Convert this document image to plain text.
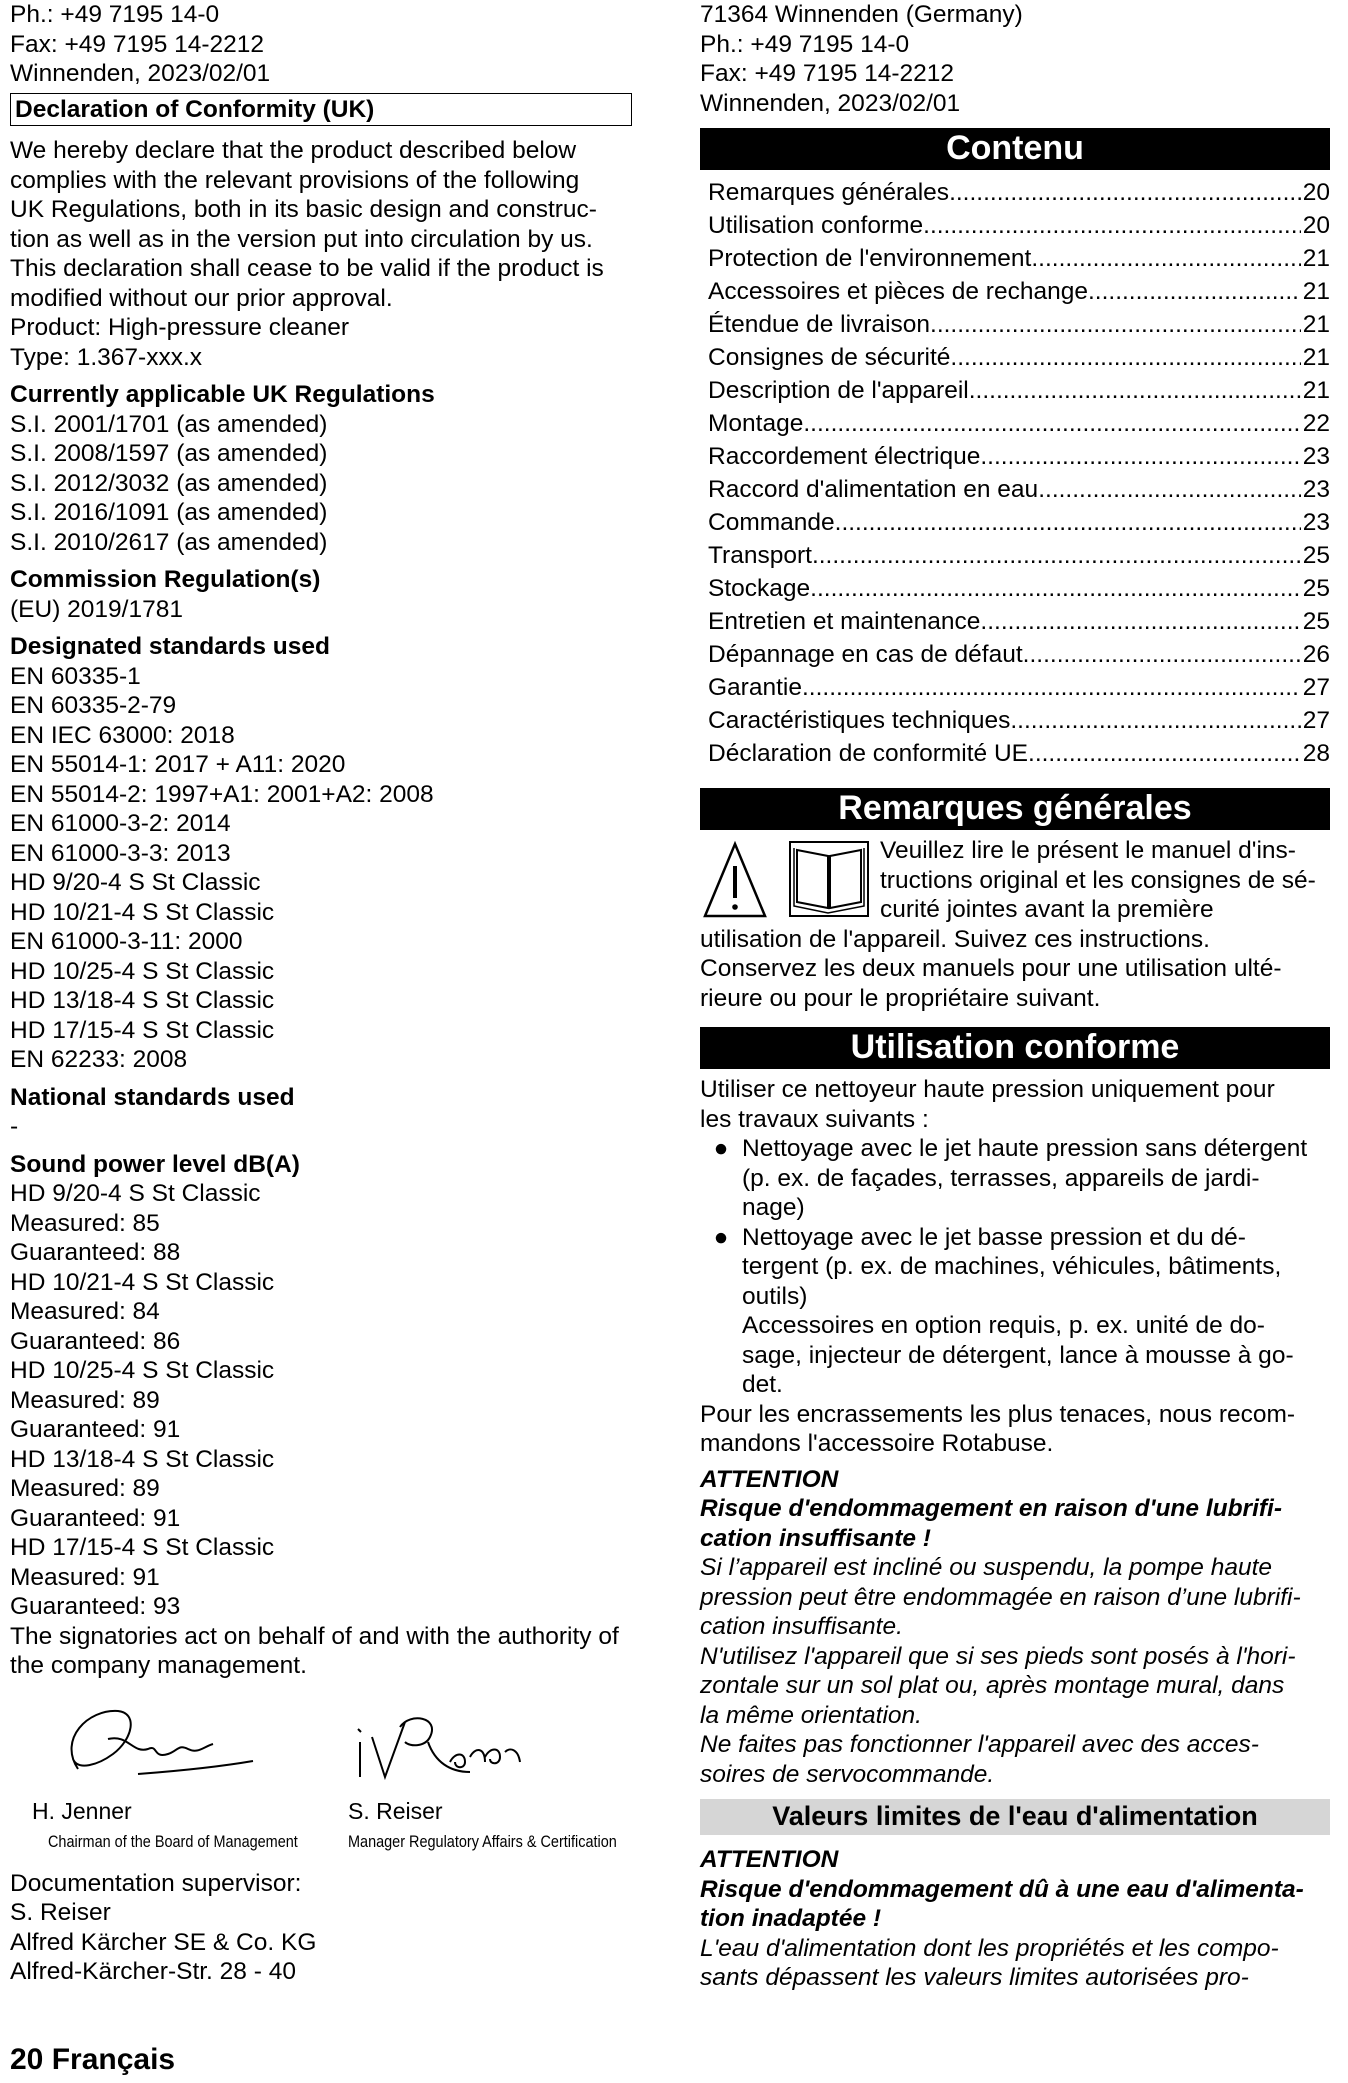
Ph.: +49 7195 14-0
Fax: +49 7195 14-2212
Winnenden, 2023/02/01
Declaration of Conformity (UK)
We hereby declare that the product described below
complies with the relevant provisions of the following
UK Regulations, both in its basic design and construc-
tion as well as in the version put into circulation by us.
This declaration shall cease to be valid if the product is
modified without our prior approval.
Product: High-pressure cleaner
Type: 1.367-xxx.x
Currently applicable UK Regulations
S.I. 2001/1701 (as amended)
S.I. 2008/1597 (as amended)
S.I. 2012/3032 (as amended)
S.I. 2016/1091 (as amended)
S.I. 2010/2617 (as amended)
Commission Regulation(s)
(EU) 2019/1781
Designated standards used
EN 60335-1
EN 60335-2-79
EN IEC 63000: 2018
EN 55014-1: 2017 + A11: 2020
EN 55014-2: 1997+A1: 2001+A2: 2008
EN 61000-3-2: 2014
EN 61000-3-3: 2013
HD 9/20-4 S St Classic
HD 10/21-4 S St Classic
EN 61000-3-11: 2000
HD 10/25-4 S St Classic
HD 13/18-4 S St Classic
HD 17/15-4 S St Classic
EN 62233: 2008
National standards used
-
Sound power level dB(A)
HD 9/20-4 S St Classic
Measured: 85
Guaranteed: 88
HD 10/21-4 S St Classic
Measured: 84
Guaranteed: 86
HD 10/25-4 S St Classic
Measured: 89
Guaranteed: 91
HD 13/18-4 S St Classic
Measured: 89
Guaranteed: 91
HD 17/15-4 S St Classic
Measured: 91
Guaranteed: 93
The signatories act on behalf of and with the authority of
the company management.
H. Jenner
Chairman of the Board of Management
S. Reiser
Manager Regulatory Affairs & Certification
Documentation supervisor:
S. Reiser
Alfred Kärcher SE & Co. KG
Alfred-Kärcher-Str. 28 - 40
71364 Winnenden (Germany)
Ph.: +49 7195 14-0
Fax: +49 7195 14-2212
Winnenden, 2023/02/01
Contenu
Remarques générales .....	20
Utilisation conforme .....	20
Protection de l'environnement .....	21
Accessoires et pièces de rechange .....	21
Étendue de livraison .....	21
Consignes de sécurité .....	21
Description de l'appareil .....	21
Montage .....	22
Raccordement électrique .....	23
Raccord d'alimentation en eau .....	23
Commande .....	23
Transport .....	25
Stockage .....	25
Entretien et maintenance .....	25
Dépannage en cas de défaut .....	26
Garantie .....	27
Caractéristiques techniques .....	27
Déclaration de conformité UE .....	28
Remarques générales
Veuillez lire le présent le manuel d'ins-
tructions original et les consignes de sé-
curité jointes avant la première
utilisation de l'appareil. Suivez ces instructions.
Conservez les deux manuels pour une utilisation ulté-
rieure ou pour le propriétaire suivant.
Utilisation conforme
Utiliser ce nettoyeur haute pression uniquement pour
les travaux suivants :
● Nettoyage avec le jet haute pression sans détergent
(p. ex. de façades, terrasses, appareils de jardi-
nage)
● Nettoyage avec le jet basse pression et du dé-
tergent (p. ex. de machines, véhicules, bâtiments,
outils)
Accessoires en option requis, p. ex. unité de do-
sage, injecteur de détergent, lance à mousse à go-
det.
Pour les encrassements les plus tenaces, nous recom-
mandons l'accessoire Rotabuse.
ATTENTION
Risque d'endommagement en raison d'une lubrifi-
cation insuffisante !
Si l’appareil est incliné ou suspendu, la pompe haute
pression peut être endommagée en raison d’une lubrifi-
cation insuffisante.
N'utilisez l'appareil que si ses pieds sont posés à l'hori-
zontale sur un sol plat ou, après montage mural, dans
la même orientation.
Ne faites pas fonctionner l'appareil avec des acces-
soires de servocommande.
Valeurs limites de l'eau d'alimentation
ATTENTION
Risque d'endommagement dû à une eau d'alimenta-
tion inadaptée !
L'eau d'alimentation dont les propriétés et les compo-
sants dépassent les valeurs limites autorisées pro-
20 Français
